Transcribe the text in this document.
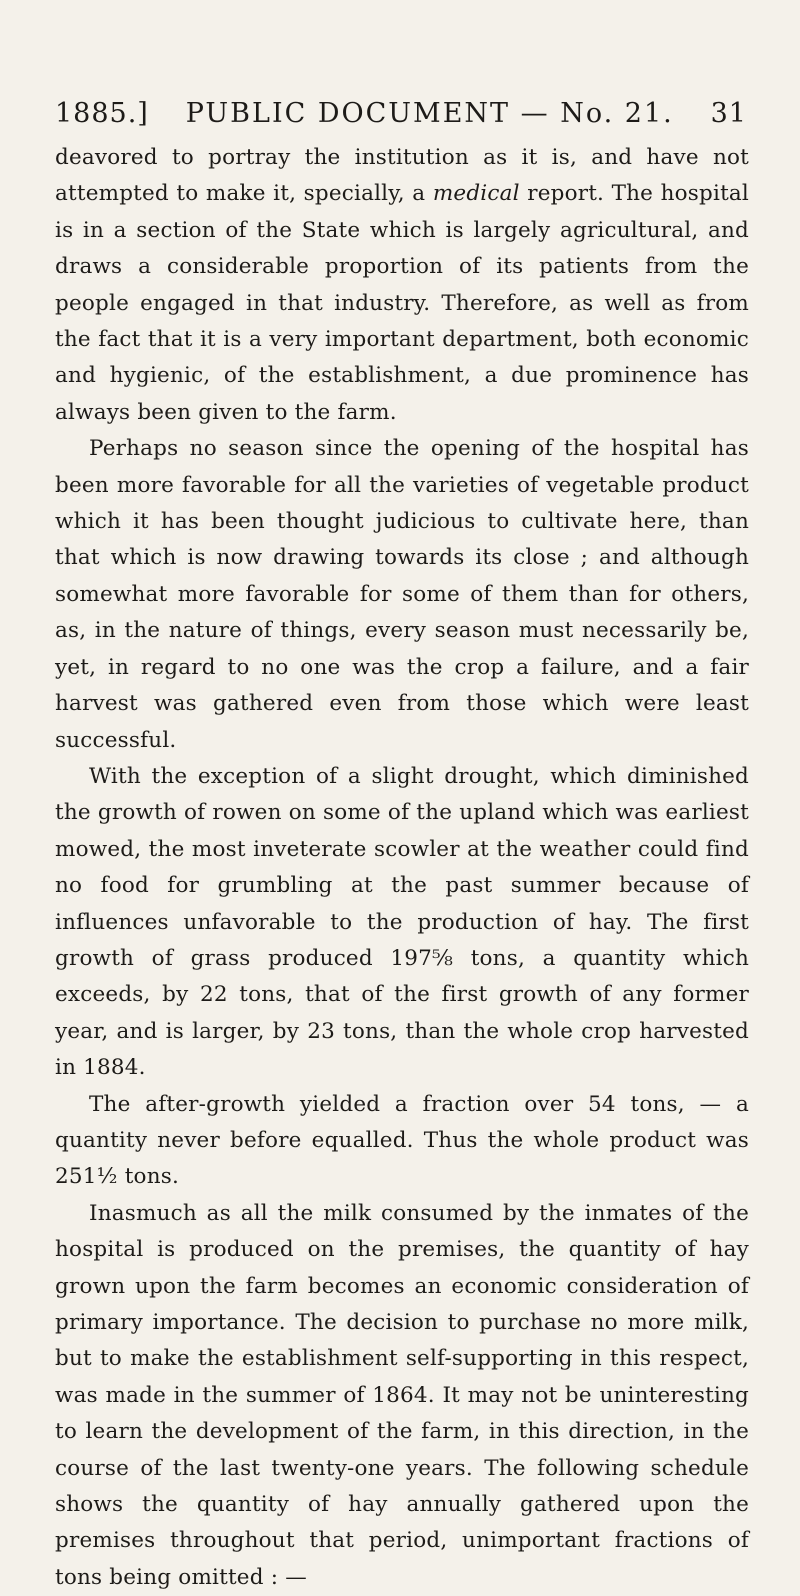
1885.] PUBLIC DOCUMENT — No. 21. 31

deavored to portray the institution as it is, and have not attempted to make it, specially, a medical report. The hospital is in a section of the State which is largely agricultural, and draws a considerable proportion of its patients from the people engaged in that industry. Therefore, as well as from the fact that it is a very important department, both economic and hygienic, of the establishment, a due prominence has always been given to the farm.

Perhaps no season since the opening of the hospital has been more favorable for all the varieties of vegetable product which it has been thought judicious to cultivate here, than that which is now drawing towards its close ; and although somewhat more favorable for some of them than for others, as, in the nature of things, every season must necessarily be, yet, in regard to no one was the crop a failure, and a fair harvest was gathered even from those which were least successful.

With the exception of a slight drought, which diminished the growth of rowen on some of the upland which was earliest mowed, the most inveterate scowler at the weather could find no food for grumbling at the past summer because of influences unfavorable to the production of hay. The first growth of grass produced 197⅝ tons, a quantity which exceeds, by 22 tons, that of the first growth of any former year, and is larger, by 23 tons, than the whole crop harvested in 1884.

The after-growth yielded a fraction over 54 tons, — a quantity never before equalled. Thus the whole product was 251½ tons.

Inasmuch as all the milk consumed by the inmates of the hospital is produced on the premises, the quantity of hay grown upon the farm becomes an economic consideration of primary importance. The decision to purchase no more milk, but to make the establishment self-supporting in this respect, was made in the summer of 1864. It may not be uninteresting to learn the development of the farm, in this direction, in the course of the last twenty-one years. The following schedule shows the quantity of hay annually gathered upon the premises throughout that period, unimportant fractions of tons being omitted : —
